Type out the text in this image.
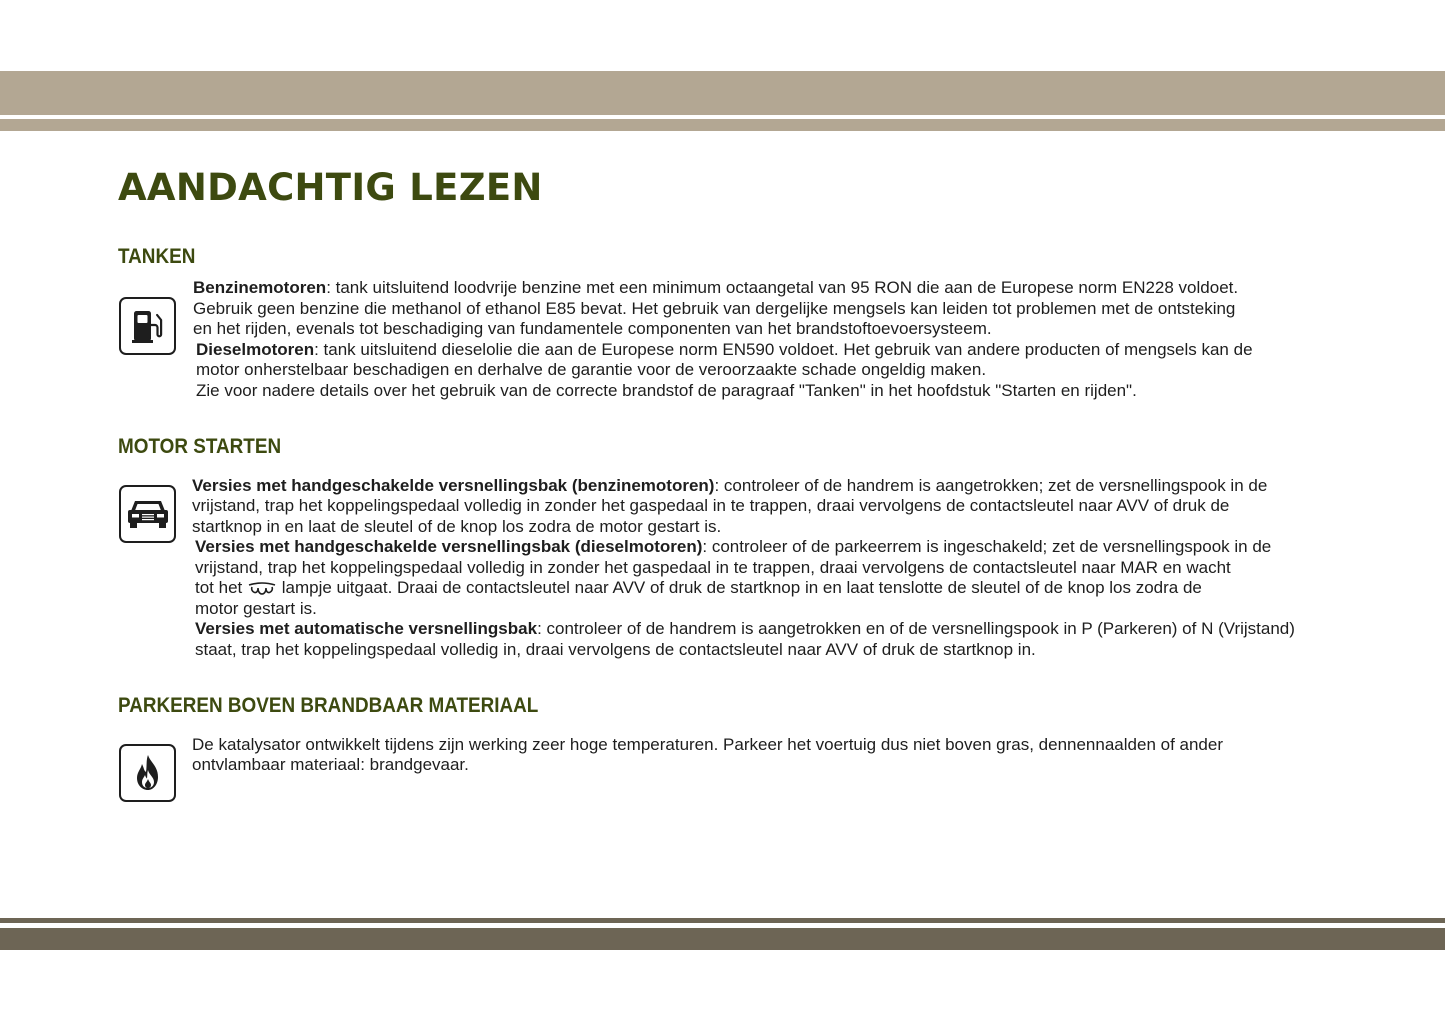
AANDACHTIG LEZEN
TANKEN
Benzinemotoren: tank uitsluitend loodvrije benzine met een minimum octaangetal van 95 RON die aan de Europese norm EN228 voldoet.
Gebruik geen benzine die methanol of ethanol E85 bevat. Het gebruik van dergelijke mengsels kan leiden tot problemen met de ontsteking
en het rijden, evenals tot beschadiging van fundamentele componenten van het brandstoftoevoersysteem.
Dieselmotoren: tank uitsluitend dieselolie die aan de Europese norm EN590 voldoet. Het gebruik van andere producten of mengsels kan de
motor onherstelbaar beschadigen en derhalve de garantie voor de veroorzaakte schade ongeldig maken.
Zie voor nadere details over het gebruik van de correcte brandstof de paragraaf "Tanken" in het hoofdstuk "Starten en rijden".
MOTOR STARTEN
Versies met handgeschakelde versnellingsbak (benzinemotoren): controleer of de handrem is aangetrokken; zet de versnellingspook in de
vrijstand, trap het koppelingspedaal volledig in zonder het gaspedaal in te trappen, draai vervolgens de contactsleutel naar AVV of druk de
startknop in en laat de sleutel of de knop los zodra de motor gestart is.
Versies met handgeschakelde versnellingsbak (dieselmotoren): controleer of de parkeerrem is ingeschakeld; zet de versnellingspook in de
vrijstand, trap het koppelingspedaal volledig in zonder het gaspedaal in te trappen, draai vervolgens de contactsleutel naar MAR en wacht
tot het lampje uitgaat. Draai de contactsleutel naar AVV of druk de startknop in en laat tenslotte de sleutel of de knop los zodra de
motor gestart is.
Versies met automatische versnellingsbak: controleer of de handrem is aangetrokken en of de versnellingspook in P (Parkeren) of N (Vrijstand)
staat, trap het koppelingspedaal volledig in, draai vervolgens de contactsleutel naar AVV of druk de startknop in.
PARKEREN BOVEN BRANDBAAR MATERIAAL
De katalysator ontwikkelt tijdens zijn werking zeer hoge temperaturen. Parkeer het voertuig dus niet boven gras, dennennaalden of ander
ontvlambaar materiaal: brandgevaar.
